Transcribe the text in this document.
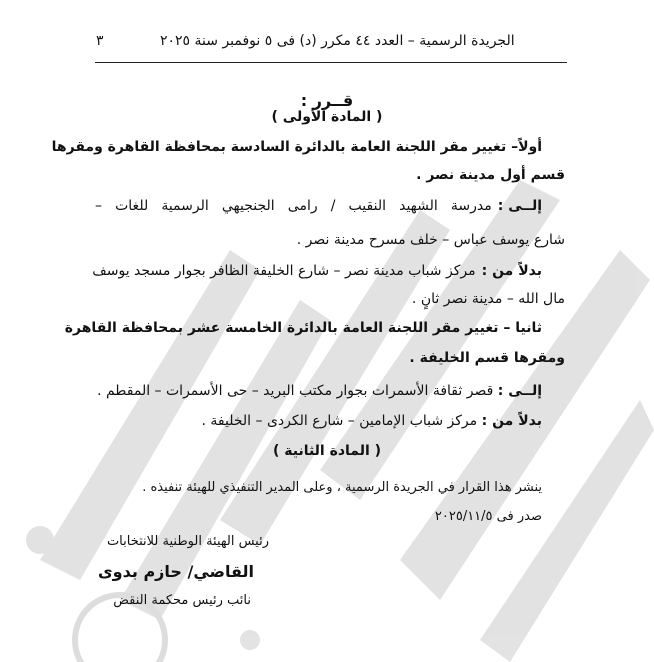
الجريدة الرسمية – العدد ٤٤ مكرر (د) فى ٥ نوفمبر سنة ٢٠٢٥
٣
قــرر :
( المادة الأولى )
أولاً– تغيير مقر اللجنة العامة بالدائرة السادسة بمحافظة القاهرة ومقرها
قسم أول مدينة نصر .
إلــى :
مدرسة الشهيد النقيب / رامى الجنجيهي الرسمية للغات –
شارع يوسف عباس – خلف مسرح مدينة نصر .
بدلاً من :
مركز شباب مدينة نصر – شارع الخليفة الظافر بجوار مسجد يوسف
مال الله – مدينة نصر ثانٍ .
ثانيا – تغيير مقر اللجنة العامة بالدائرة الخامسة عشر بمحافظة القاهرة
ومقرها قسم الخليفة .
إلــى : قصر ثقافة الأسمرات بجوار مكتب البريد – حى الأسمرات – المقطم .
بدلاً من : مركز شباب الإمامين – شارع الكردى – الخليفة .
( المادة الثانية )
ينشر هذا القرار في الجريدة الرسمية ، وعلى المدير التنفيذي للهيئة تنفيذه .
صدر فى ٢٠٢٥/١١/٥
رئيس الهيئة الوطنية للانتخابات
القاضي/ حازم بدوى
نائب رئيس محكمة النقض
